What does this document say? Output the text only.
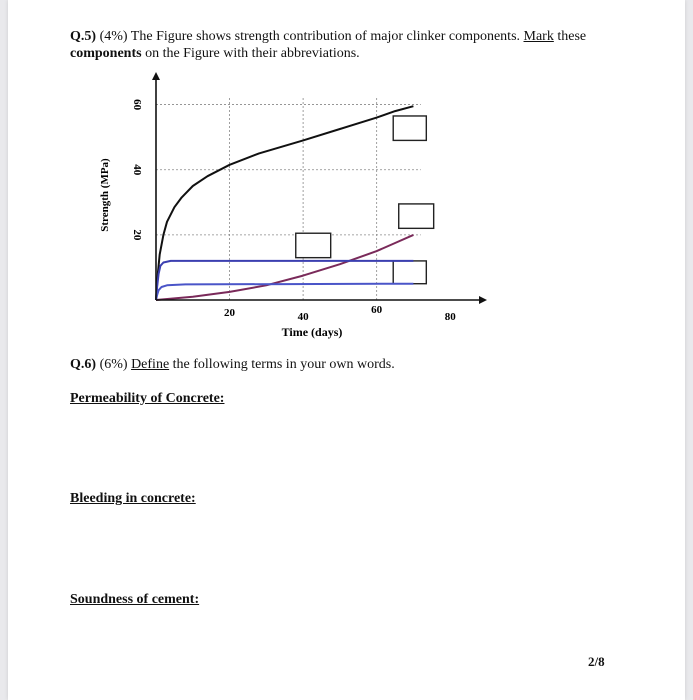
Q.5) (4%) The Figure shows strength contribution of major clinker components. Mark these
components on the Figure with their abbreviations.
20	40
60
80
20
40
60
Time (days)
Strength (MPa)
Q.6) (6%) Define the following terms in your own words.
Permeability of Concrete:
Bleeding in concrete:
Soundness of cement:
2/8
